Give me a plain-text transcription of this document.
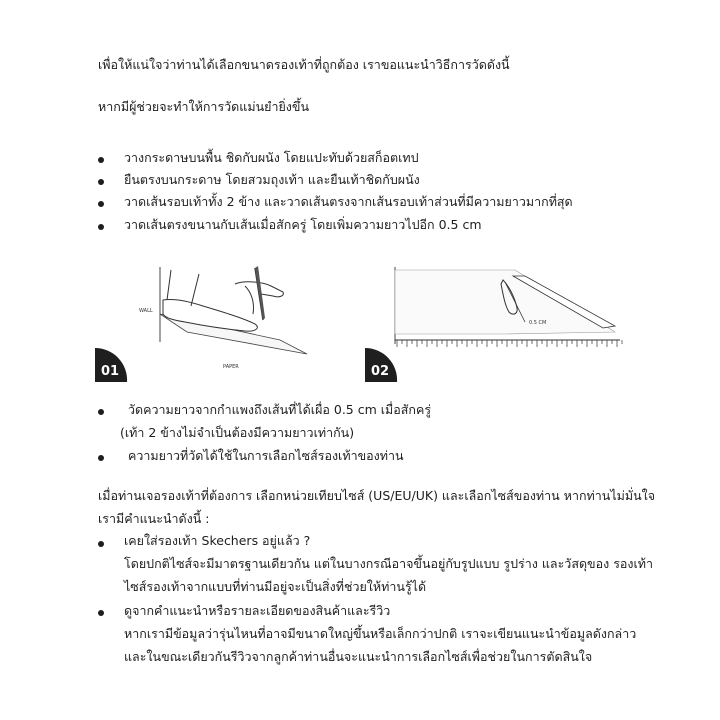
เพื่อให้แน่ใจว่าท่านได้เลือกขนาดรองเท้าที่ถูกต้อง เราขอแนะนำวิธีการวัดดังนี้
หากมีผู้ช่วยจะทำให้การวัดแม่นยำยิ่งขึ้น
วางกระดาษบนพื้น ชิดกับผนัง โดยแปะทับด้วยสก็อตเทป
ยืนตรงบนกระดาษ โดยสวมถุงเท้า และยืนเท้าชิดกับผนัง
วาดเส้นรอบเท้าทั้ง 2 ข้าง และวาดเส้นตรงจากเส้นรอบเท้าส่วนที่มีความยาวมากที่สุด
วาดเส้นตรงขนานกับเส้นเมื่อสักครู่ โดยเพิ่มความยาวไปอีก 0.5 cm
WALL
PAPER
01
0.5 CM
02
วัดความยาวจากกำแพงถึงเส้นที่ได้เผื่อ 0.5 cm เมื่อสักครู่
(เท้า 2 ข้างไม่จำเป็นต้องมีความยาวเท่ากัน)
ความยาวที่วัดได้ใช้ในการเลือกไซส์รองเท้าของท่าน
เมื่อท่านเจอรองเท้าที่ต้องการ เลือกหน่วยเทียบไซส์ (US/EU/UK) และเลือกไซส์ของท่าน หากท่านไม่มั่นใจ
เรามีคำแนะนำดังนี้ :
เคยใส่รองเท้า Skechers อยู่แล้ว ?
โดยปกติไซส์จะมีมาตรฐานเดียวกัน แต่ในบางกรณีอาจขึ้นอยู่กับรูปแบบ รูปร่าง และวัสดุของ รองเท้า
ไซส์รองเท้าจากแบบที่ท่านมีอยู่จะเป็นสิ่งที่ช่วยให้ท่านรู้ได้
ดูจากคำแนะนำหรือรายละเอียดของสินค้าและรีวิว
หากเรามีข้อมูลว่ารุ่นไหนที่อาจมีขนาดใหญ่ขึ้นหรือเล็กกว่าปกติ เราจะเขียนแนะนำข้อมูลดังกล่าว
และในขณะเดียวกันรีวิวจากลูกค้าท่านอื่นจะแนะนำการเลือกไซส์เพื่อช่วยในการตัดสินใจ
